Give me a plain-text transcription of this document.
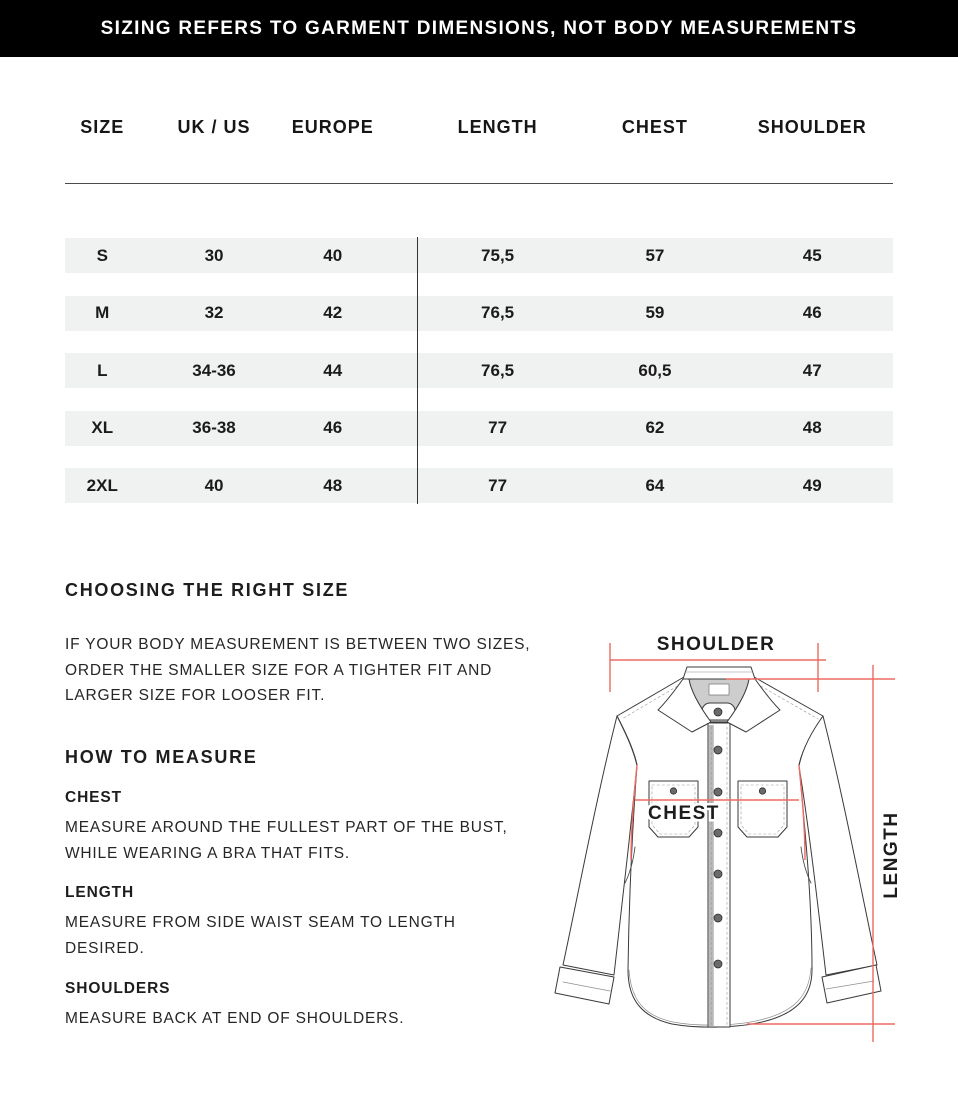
SIZING REFERS TO GARMENT DIMENSIONS, NOT BODY MEASUREMENTS
SIZE	UK / US	EUROPE	LENGTH	CHEST	SHOULDER
S	30	40	75,5	57	45
M	32	42	76,5	59	46
L	34-36	44	76,5	60,5	47
XL	36-38	46	77	62	48
2XL	40	48	77	64	49
CHOOSING THE RIGHT SIZE
IF YOUR BODY MEASUREMENT IS BETWEEN TWO SIZES,
ORDER THE SMALLER SIZE FOR A TIGHTER FIT AND
LARGER SIZE FOR LOOSER FIT.
HOW TO MEASURE
CHEST
MEASURE AROUND THE FULLEST PART OF THE BUST,
WHILE WEARING A BRA THAT FITS.
LENGTH
MEASURE FROM SIDE WAIST SEAM TO LENGTH
DESIRED.
SHOULDERS
MEASURE BACK AT END OF SHOULDERS.
SHOULDER
CHEST	LENGTH
